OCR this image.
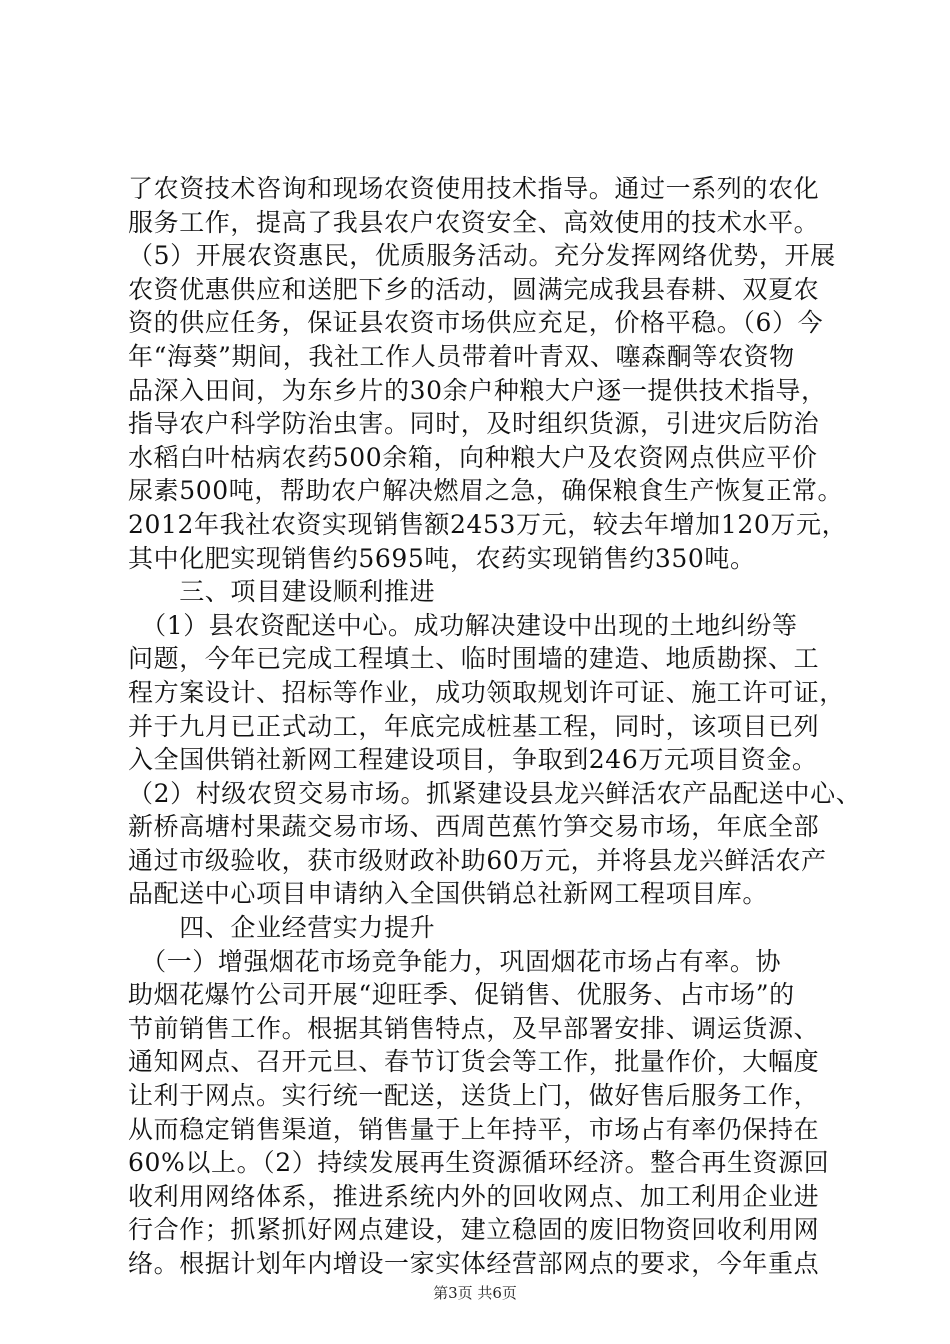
了农资技术咨询和现场农资使用技术指导。通过一系列的农化
服务工作，提高了我县农户农资安全、高效使用的技术水平。
（5）开展农资惠民，优质服务活动。充分发挥网络优势，开展
农资优惠供应和送肥下乡的活动，圆满完成我县春耕、双夏农
资的供应任务，保证县农资市场供应充足，价格平稳。（6）今
年“海葵”期间，我社工作人员带着叶青双、噻森酮等农资物
品深入田间，为东乡片的30余户种粮大户逐一提供技术指导，
指导农户科学防治虫害。同时，及时组织货源，引进灾后防治
水稻白叶枯病农药500余箱，向种粮大户及农资网点供应平价
尿素500吨，帮助农户解决燃眉之急，确保粮食生产恢复正常。
2012年我社农资实现销售额2453万元，较去年增加120万元，
其中化肥实现销售约5695吨，农药实现销售约350吨。
　　三、项目建设顺利推进
　（1）县农资配送中心。成功解决建设中出现的土地纠纷等
问题，今年已完成工程填土、临时围墙的建造、地质勘探、工
程方案设计、招标等作业，成功领取规划许可证、施工许可证，
并于九月已正式动工，年底完成桩基工程，同时，该项目已列
入全国供销社新网工程建设项目，争取到246万元项目资金。
（2）村级农贸交易市场。抓紧建设县龙兴鲜活农产品配送中心、
新桥高塘村果蔬交易市场、西周芭蕉竹笋交易市场，年底全部
通过市级验收，获市级财政补助60万元，并将县龙兴鲜活农产
品配送中心项目申请纳入全国供销总社新网工程项目库。
　　四、企业经营实力提升
　（一）增强烟花市场竞争能力，巩固烟花市场占有率。协
助烟花爆竹公司开展“迎旺季、促销售、优服务、占市场”的
节前销售工作。根据其销售特点，及早部署安排、调运货源、
通知网点、召开元旦、春节订货会等工作，批量作价，大幅度
让利于网点。实行统一配送，送货上门，做好售后服务工作，
从而稳定销售渠道，销售量于上年持平，市场占有率仍保持在
60%以上。（2）持续发展再生资源循环经济。整合再生资源回
收利用网络体系，推进系统内外的回收网点、加工利用企业进
行合作；抓紧抓好网点建设，建立稳固的废旧物资回收利用网
络。根据计划年内增设一家实体经营部网点的要求，今年重点
第3页 共6页
